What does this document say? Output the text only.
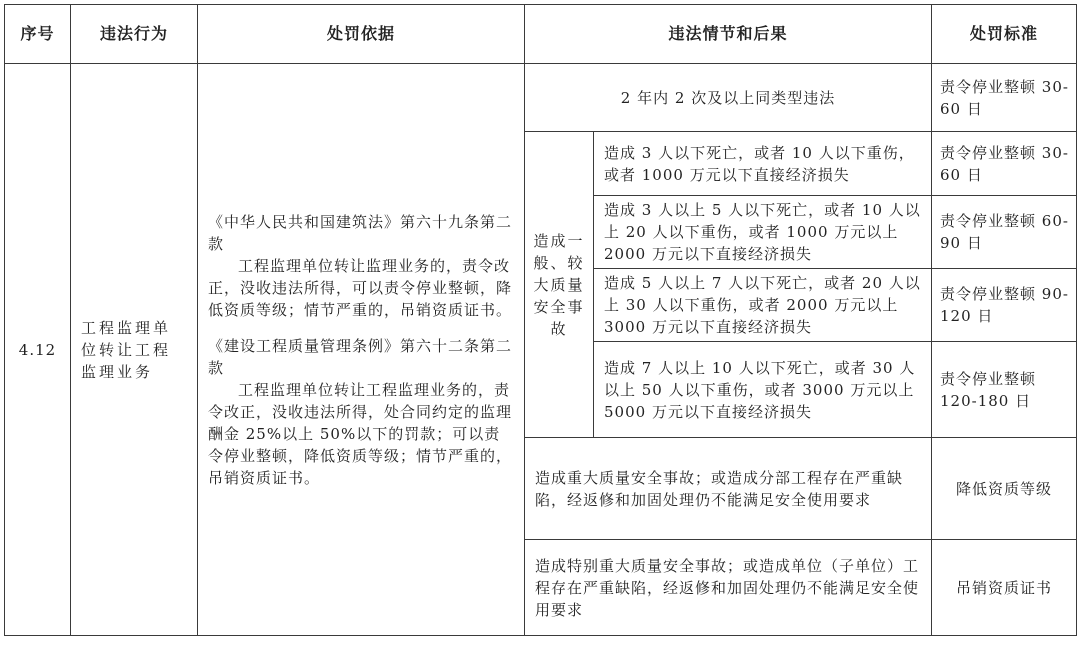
序号	违法行为	处罚依据	违法情节和后果		处罚标准
4.12	工程监理单位转让工程监理业务	《中华人民共和国建筑法》第六十九条第二款

工程监理单位转让监理业务的，责令改正，没收违法所得，可以责令停业整顿，降低资质等级；情节严重的，吊销资质证书。

《建设工程质量管理条例》第六十二条第二款

工程监理单位转让工程监理业务的，责令改正，没收违法所得，处合同约定的监理酬金 25%以上 50%以下的罚款；可以责令停业整顿，降低资质等级；情节严重的，吊销资质证书。	2 年内 2 次及以上同类型违法		责令停业整顿 30-60 日
			造成一般、较大质量安全事故	造成 3 人以下死亡，或者 10 人以下重伤，或者 1000 万元以下直接经济损失	责令停业整顿 30-60 日
				造成 3 人以上 5 人以下死亡，或者 10 人以上 20 人以下重伤，或者 1000 万元以上 2000 万元以下直接经济损失	责令停业整顿 60-90 日
				造成 5 人以上 7 人以下死亡，或者 20 人以上 30 人以下重伤，或者 2000 万元以上 3000 万元以下直接经济损失	责令停业整顿 90-120 日
				造成 7 人以上 10 人以下死亡，或者 30 人以上 50 人以下重伤，或者 3000 万元以上 5000 万元以下直接经济损失	责令停业整顿 120-180 日
			造成重大质量安全事故；或造成分部工程存在严重缺陷，经返修和加固处理仍不能满足安全使用要求		降低资质等级
			造成特别重大质量安全事故；或造成单位（子单位）工程存在严重缺陷，经返修和加固处理仍不能满足安全使用要求		吊销资质证书
